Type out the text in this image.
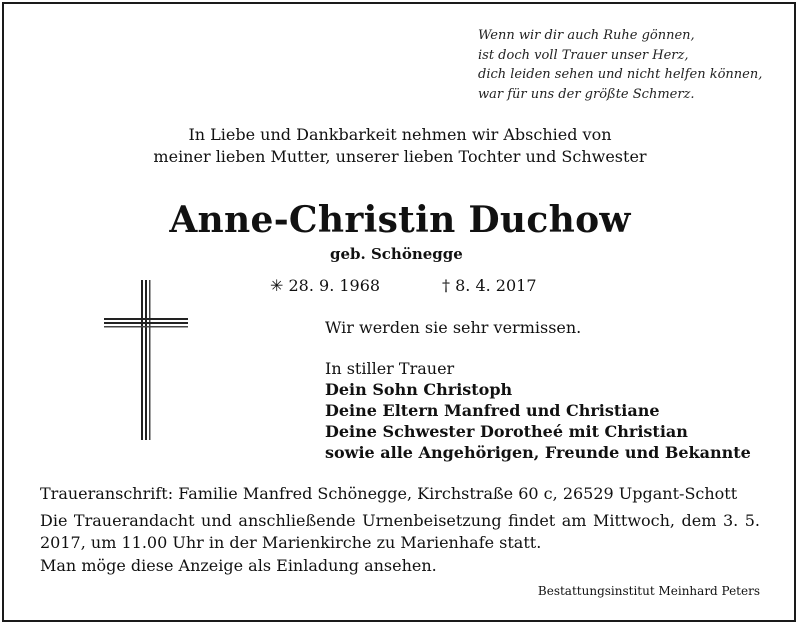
Wenn wir dir auch Ruhe gönnen,
ist doch voll Trauer unser Herz,
dich leiden sehen und nicht helfen können,
war für uns der größte Schmerz.
In Liebe und Dankbarkeit nehmen wir Abschied von
meiner lieben Mutter, unserer lieben Tochter und Schwester
Anne-Christin Duchow
geb. Schönegge
✳ 28. 9. 1968	† 8. 4. 2017
Wir werden sie sehr vermissen.
In stiller Trauer
Dein Sohn Christoph
Deine Eltern Manfred und Christiane
Deine Schwester Dorotheé mit Christian
sowie alle Angehörigen, Freunde und Bekannte
Traueranschrift: Familie Manfred Schönegge, Kirchstraße 60 c, 26529 Upgant-Schott
Die Trauerandacht und anschließende Urnenbeisetzung findet am Mittwoch, dem 3. 5. 2017, um 11.00 Uhr in der Marienkirche zu Marienhafe statt.
Man möge diese Anzeige als Einladung ansehen.
Bestattungsinstitut Meinhard Peters
